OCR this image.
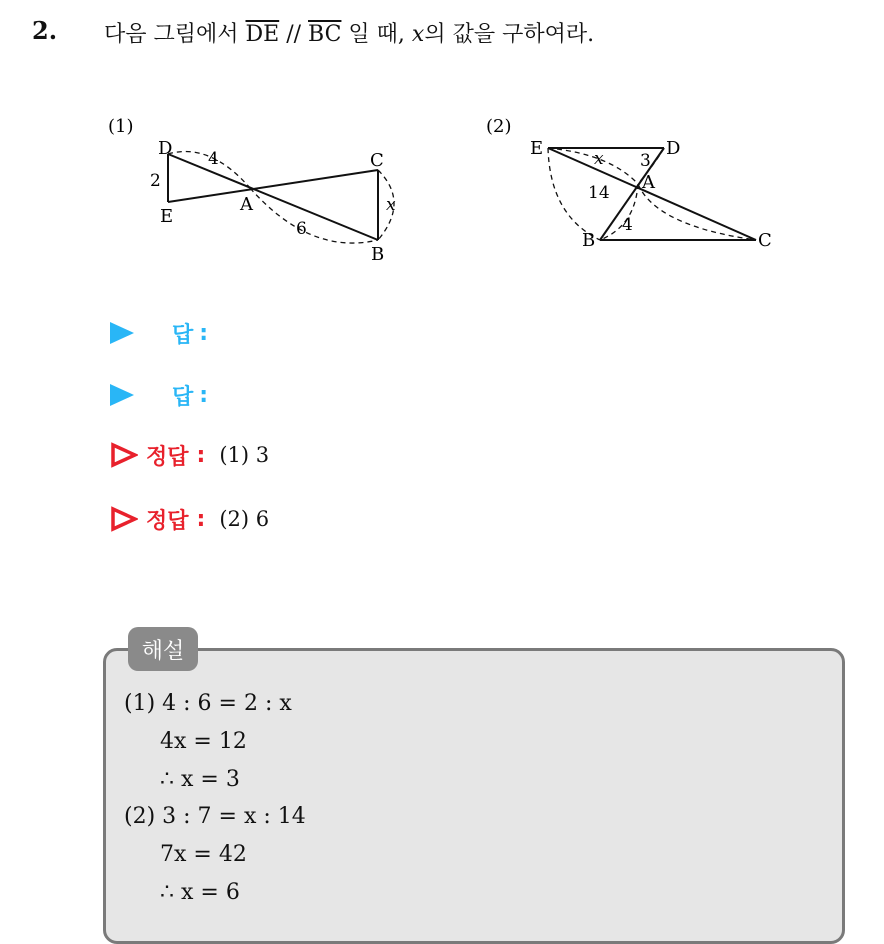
2. 다음 그림에서 $\overline{DE} // \overline{BC}$ 일 때, x의 값을 구하여라.
(1)
D
E
A
C
B
4
2
6
x
(2)
E	D
A
B	C
x 3
14
4
답 :
답 :
정답 : (1) 3
정답 : (2) 6
해설
(1) 4 : 6 = 2 : x
4x = 12
∴ x = 3
(2) 3 : 7 = x : 14
7x = 42
∴ x = 6
